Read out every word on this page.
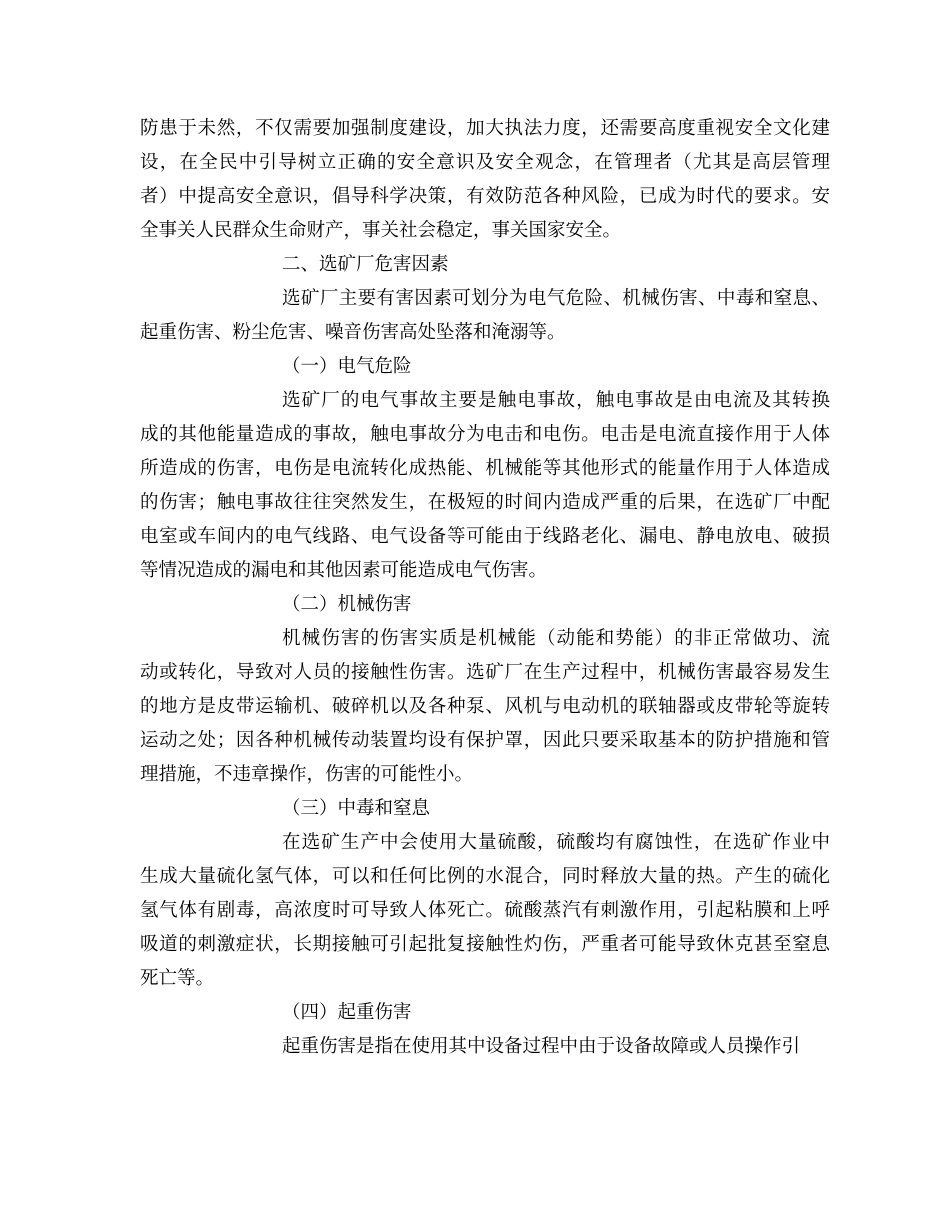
防患于未然，不仅需要加强制度建设，加大执法力度，还需要高度重视安全文化建
设，在全民中引导树立正确的安全意识及安全观念，在管理者（尤其是高层管理
者）中提高安全意识，倡导科学决策，有效防范各种风险，已成为时代的要求。安
全事关人民群众生命财产，事关社会稳定，事关国家安全。
二、选矿厂危害因素
选矿厂主要有害因素可划分为电气危险、机械伤害、中毒和窒息、
起重伤害、粉尘危害、噪音伤害高处坠落和淹溺等。
（一）电气危险
选矿厂的电气事故主要是触电事故，触电事故是由电流及其转换
成的其他能量造成的事故，触电事故分为电击和电伤。电击是电流直接作用于人体
所造成的伤害，电伤是电流转化成热能、机械能等其他形式的能量作用于人体造成
的伤害；触电事故往往突然发生，在极短的时间内造成严重的后果，在选矿厂中配
电室或车间内的电气线路、电气设备等可能由于线路老化、漏电、静电放电、破损
等情况造成的漏电和其他因素可能造成电气伤害。
（二）机械伤害
机械伤害的伤害实质是机械能（动能和势能）的非正常做功、流
动或转化，导致对人员的接触性伤害。选矿厂在生产过程中，机械伤害最容易发生
的地方是皮带运输机、破碎机以及各种泵、风机与电动机的联轴器或皮带轮等旋转
运动之处；因各种机械传动装置均设有保护罩，因此只要采取基本的防护措施和管
理措施，不违章操作，伤害的可能性小。
（三）中毒和窒息
在选矿生产中会使用大量硫酸，硫酸均有腐蚀性，在选矿作业中
生成大量硫化氢气体，可以和任何比例的水混合，同时释放大量的热。产生的硫化
氢气体有剧毒，高浓度时可导致人体死亡。硫酸蒸汽有刺激作用，引起粘膜和上呼
吸道的刺激症状，长期接触可引起批复接触性灼伤，严重者可能导致休克甚至窒息
死亡等。
（四）起重伤害
起重伤害是指在使用其中设备过程中由于设备故障或人员操作引
